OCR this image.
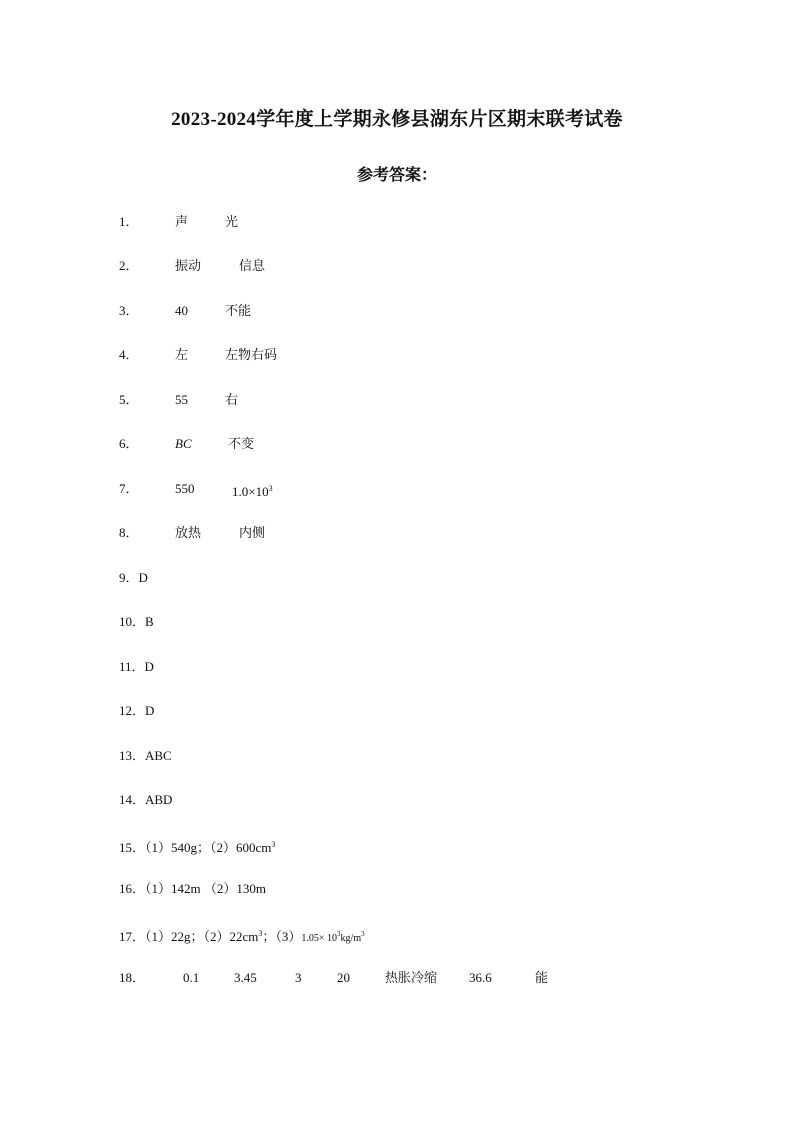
2023-2024学年度上学期永修县湖东片区期末联考试卷
参考答案：
1．	声	光
2．	振动	信息
3．	40	不能
4．	左	左物右码
5．	55	右
6．	BC	不变
7．	550	$1.0\times 10^3$
8．	放热	内侧
9．D
10．B
11．D
12．D
13．ABC
14．ABD
15．（1）540g；$(2)600cm^3$
16．（1）142m （2）130m
17．（1）22g；$(2)22cm^3$；$(3)1.05\times 10^3kg/m^3$
18．	0.1	3.45	3	20	热胀冷缩 36.6	能
